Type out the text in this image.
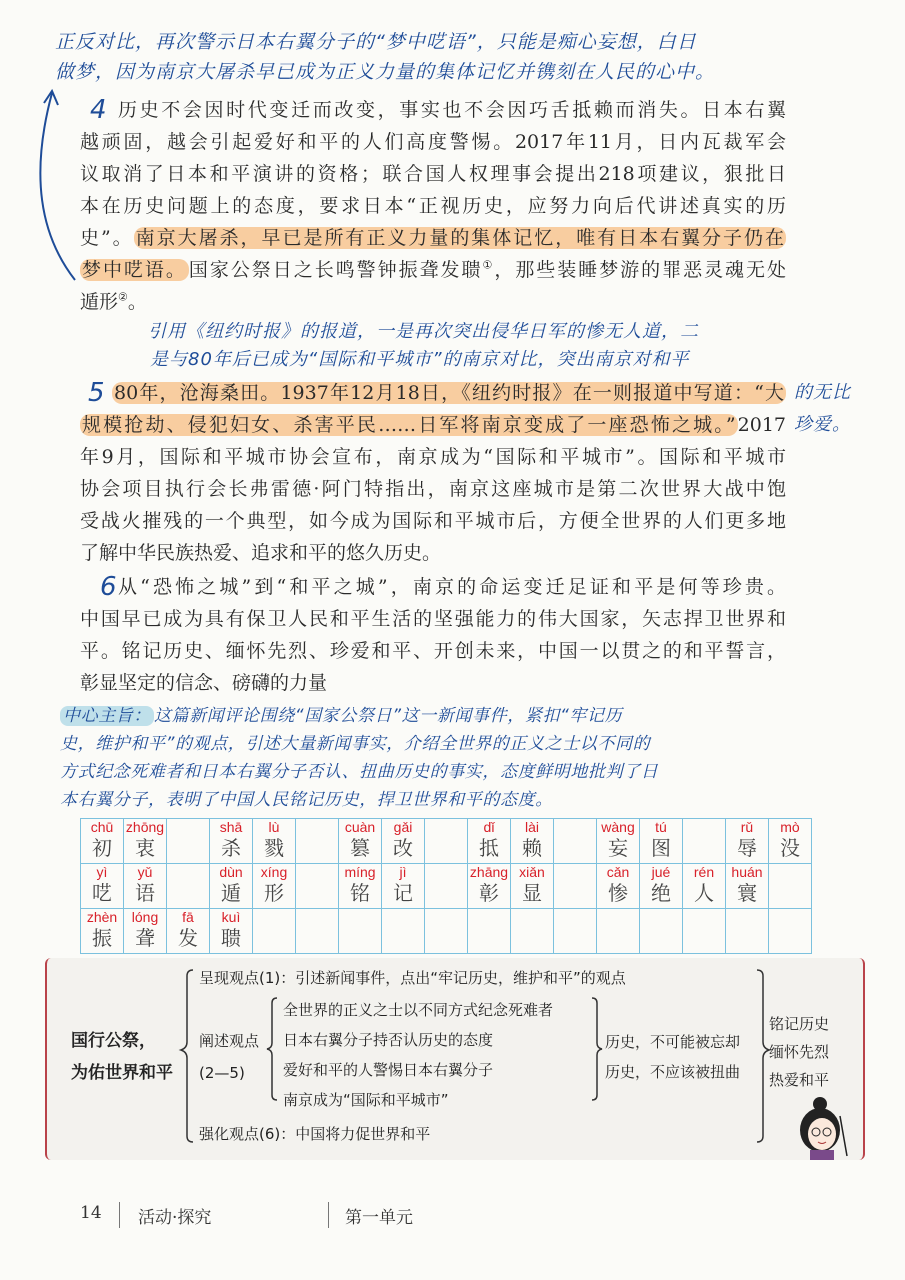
正反对比，再次警示日本右翼分子的“梦中呓语”，只能是痴心妄想，白日
做梦，因为南京大屠杀早已成为正义力量的集体记忆并镌刻在人民的心中。
4 历史不会因时代变迁而改变，事实也不会因巧舌抵赖而消失。日本右翼
越顽固，越会引起爱好和平的人们高度警惕。2017年11月，日内瓦裁军会
议取消了日本和平演讲的资格；联合国人权理事会提出218项建议，狠批日
本在历史问题上的态度，要求日本“正视历史，应努力向后代讲述真实的历
史”。 南京大屠杀，早已是所有正义力量的集体记忆，唯有日本右翼分子仍在
梦中呓语。 国家公祭日之长鸣警钟振聋发聩①，那些装睡梦游的罪恶灵魂无处
遁形②。
引用《纽约时报》的报道，一是再次突出侵华日军的惨无人道，二
是与80年后已成为“国际和平城市”的南京对比，突出南京对和平
的无比
珍爱。
5 80年，沧海桑田。1937年12月18日，《纽约时报》在一则报道中写道：“大
规模抢劫、侵犯妇女、杀害平民……日军将南京变成了一座恐怖之城。” 2017
年9月，国际和平城市协会宣布，南京成为“国际和平城市”。国际和平城市
协会项目执行会长弗雷德·阿门特指出，南京这座城市是第二次世界大战中饱
受战火摧残的一个典型，如今成为国际和平城市后，方便全世界的人们更多地
了解中华民族热爱、追求和平的悠久历史。
6 从“恐怖之城”到“和平之城”，南京的命运变迁足证和平是何等珍贵。
中国早已成为具有保卫人民和平生活的坚强能力的伟大国家，矢志捍卫世界和
平。铭记历史、缅怀先烈、珍爱和平、开创未来，中国一以贯之的和平誓言，
彰显坚定的信念、磅礴的力量
中心主旨： 这篇新闻评论围绕“国家公祭日”这一新闻事件，紧扣“牢记历
史，维护和平”的观点，引述大量新闻事实，介绍全世界的正义之士以不同的
方式纪念死难者和日本右翼分子否认、扭曲历史的事实，态度鲜明地批判了日
本右翼分子，表明了中国人民铭记历史，捍卫世界和平的态度。
chū
初	zhōng
衷		shā
杀	lù
戮		cuàn
篡	gǎi
改		dǐ
抵	lài
赖		wàng
妄	tú
图		rǔ
辱	mò
没

yì
呓	yǔ
语		dùn
遁	xíng
形		míng
铭	jì
记		zhāng
彰	xiǎn
显		cǎn
惨	jué
绝	rén
人	huán
寰	

zhèn
振	lóng
聋	fā
发	kuì
聩													

国行公祭，
为佑世界和平
呈现观点(1)：引述新闻事件，点出“牢记历史，维护和平”的观点
阐述观点
(2—5)
全世界的正义之士以不同方式纪念死难者
日本右翼分子持否认历史的态度
爱好和平的人警惕日本右翼分子
南京成为“国际和平城市”
历史，不可能被忘却
历史，不应该被扭曲
强化观点(6)：中国将力促世界和平
铭记历史
缅怀先烈
热爱和平
14 活动·探究	第一单元
